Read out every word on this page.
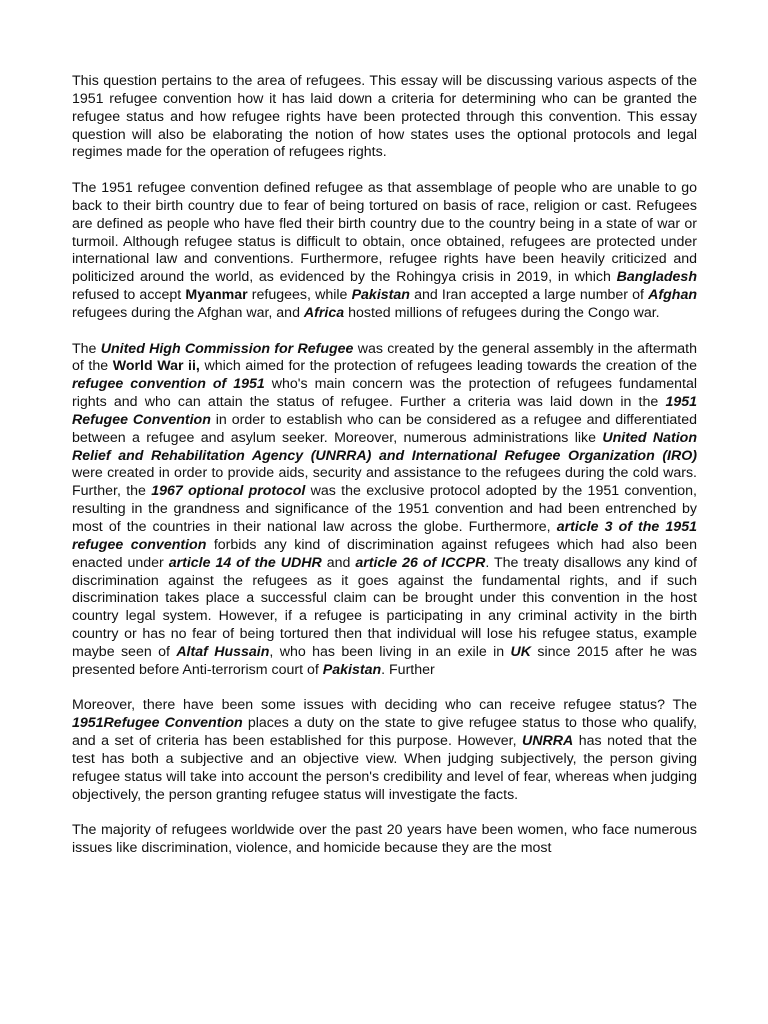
This question pertains to the area of refugees. This essay will be discussing various aspects of the 1951 refugee convention how it has laid down a criteria for determining who can be granted the refugee status and how refugee rights have been protected through this convention. This essay question will also be elaborating the notion of how states uses the optional protocols and legal regimes made for the operation of refugees rights.

The 1951 refugee convention defined refugee as that assemblage of people who are unable to go back to their birth country due to fear of being tortured on basis of race, religion or cast. Refugees are defined as people who have fled their birth country due to the country being in a state of war or turmoil. Although refugee status is difficult to obtain, once obtained, refugees are protected under international law and conventions. Furthermore, refugee rights have been heavily criticized and politicized around the world, as evidenced by the Rohingya crisis in 2019, in which Bangladesh refused to accept Myanmar refugees, while Pakistan and Iran accepted a large number of Afghan refugees during the Afghan war, and Africa hosted millions of refugees during the Congo war.

The United High Commission for Refugee was created by the general assembly in the aftermath of the World War ii, which aimed for the protection of refugees leading towards the creation of the refugee convention of 1951 who's main concern was the protection of refugees fundamental rights and who can attain the status of refugee. Further a criteria was laid down in the 1951 Refugee Convention in order to establish who can be considered as a refugee and differentiated between a refugee and asylum seeker. Moreover, numerous administrations like United Nation Relief and Rehabilitation Agency (UNRRA) and International Refugee Organization (IRO) were created in order to provide aids, security and assistance to the refugees during the cold wars. Further, the 1967 optional protocol was the exclusive protocol adopted by the 1951 convention, resulting in the grandness and significance of the 1951 convention and had been entrenched by most of the countries in their national law across the globe. Furthermore, article 3 of the 1951 refugee convention forbids any kind of discrimination against refugees which had also been enacted under article 14 of the UDHR and article 26 of ICCPR. The treaty disallows any kind of discrimination against the refugees as it goes against the fundamental rights, and if such discrimination takes place a successful claim can be brought under this convention in the host country legal system. However, if a refugee is participating in any criminal activity in the birth country or has no fear of being tortured then that individual will lose his refugee status, example maybe seen of Altaf Hussain, who has been living in an exile in UK since 2015 after he was presented before Anti-terrorism court of Pakistan. Further

Moreover, there have been some issues with deciding who can receive refugee status? The 1951Refugee Convention places a duty on the state to give refugee status to those who qualify, and a set of criteria has been established for this purpose. However, UNRRA has noted that the test has both a subjective and an objective view. When judging subjectively, the person giving refugee status will take into account the person's credibility and level of fear, whereas when judging objectively, the person granting refugee status will investigate the facts.

The majority of refugees worldwide over the past 20 years have been women, who face numerous issues like discrimination, violence, and homicide because they are the most
